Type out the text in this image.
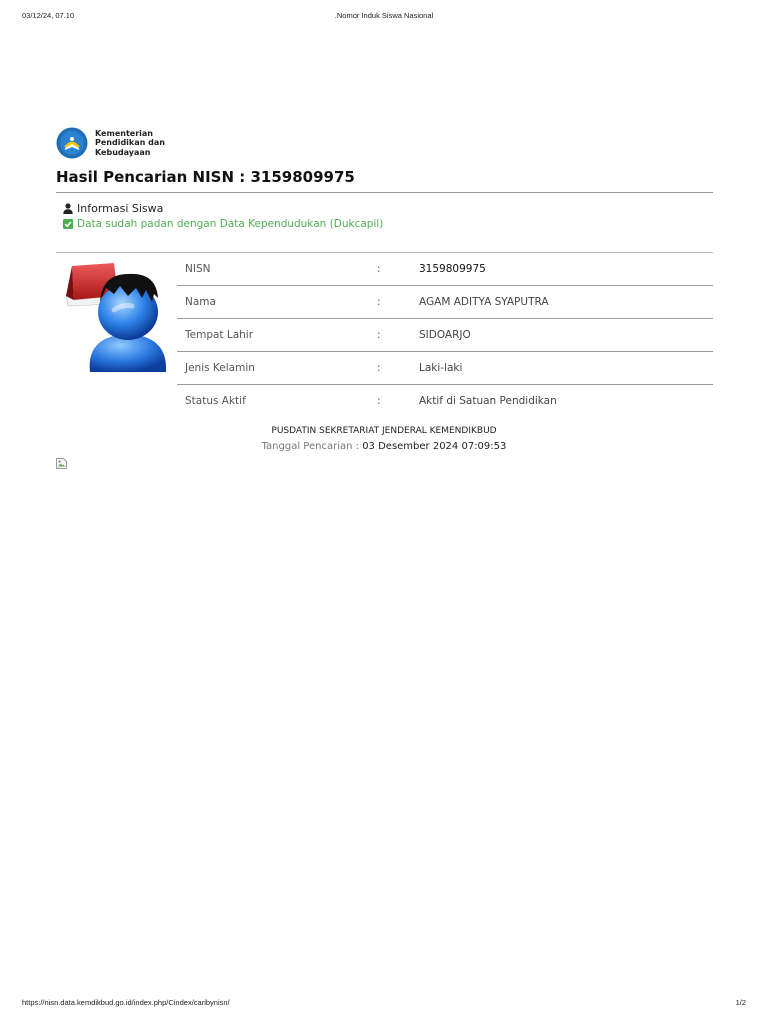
03/12/24, 07.10	.Nomor Induk Siswa Nasional
Kementerian
Pendidikan dan
Kebudayaan
Hasil Pencarian NISN : 3159809975
Informasi Siswa
Data sudah padan dengan Data Kependudukan (Dukcapil)
NISN	:	3159809975
Nama	:	AGAM ADITYA SYAPUTRA
Tempat Lahir	:	SIDOARJO
Jenis Kelamin	:	Laki-laki
Status Aktif	:	Aktif di Satuan Pendidikan
PUSDATIN SEKRETARIAT JENDERAL KEMENDIKBUD
Tanggal Pencarian : 03 Desember 2024 07:09:53
https://nisn.data.kemdikbud.go.id/index.php/Cindex/caribynisn/	1/2
